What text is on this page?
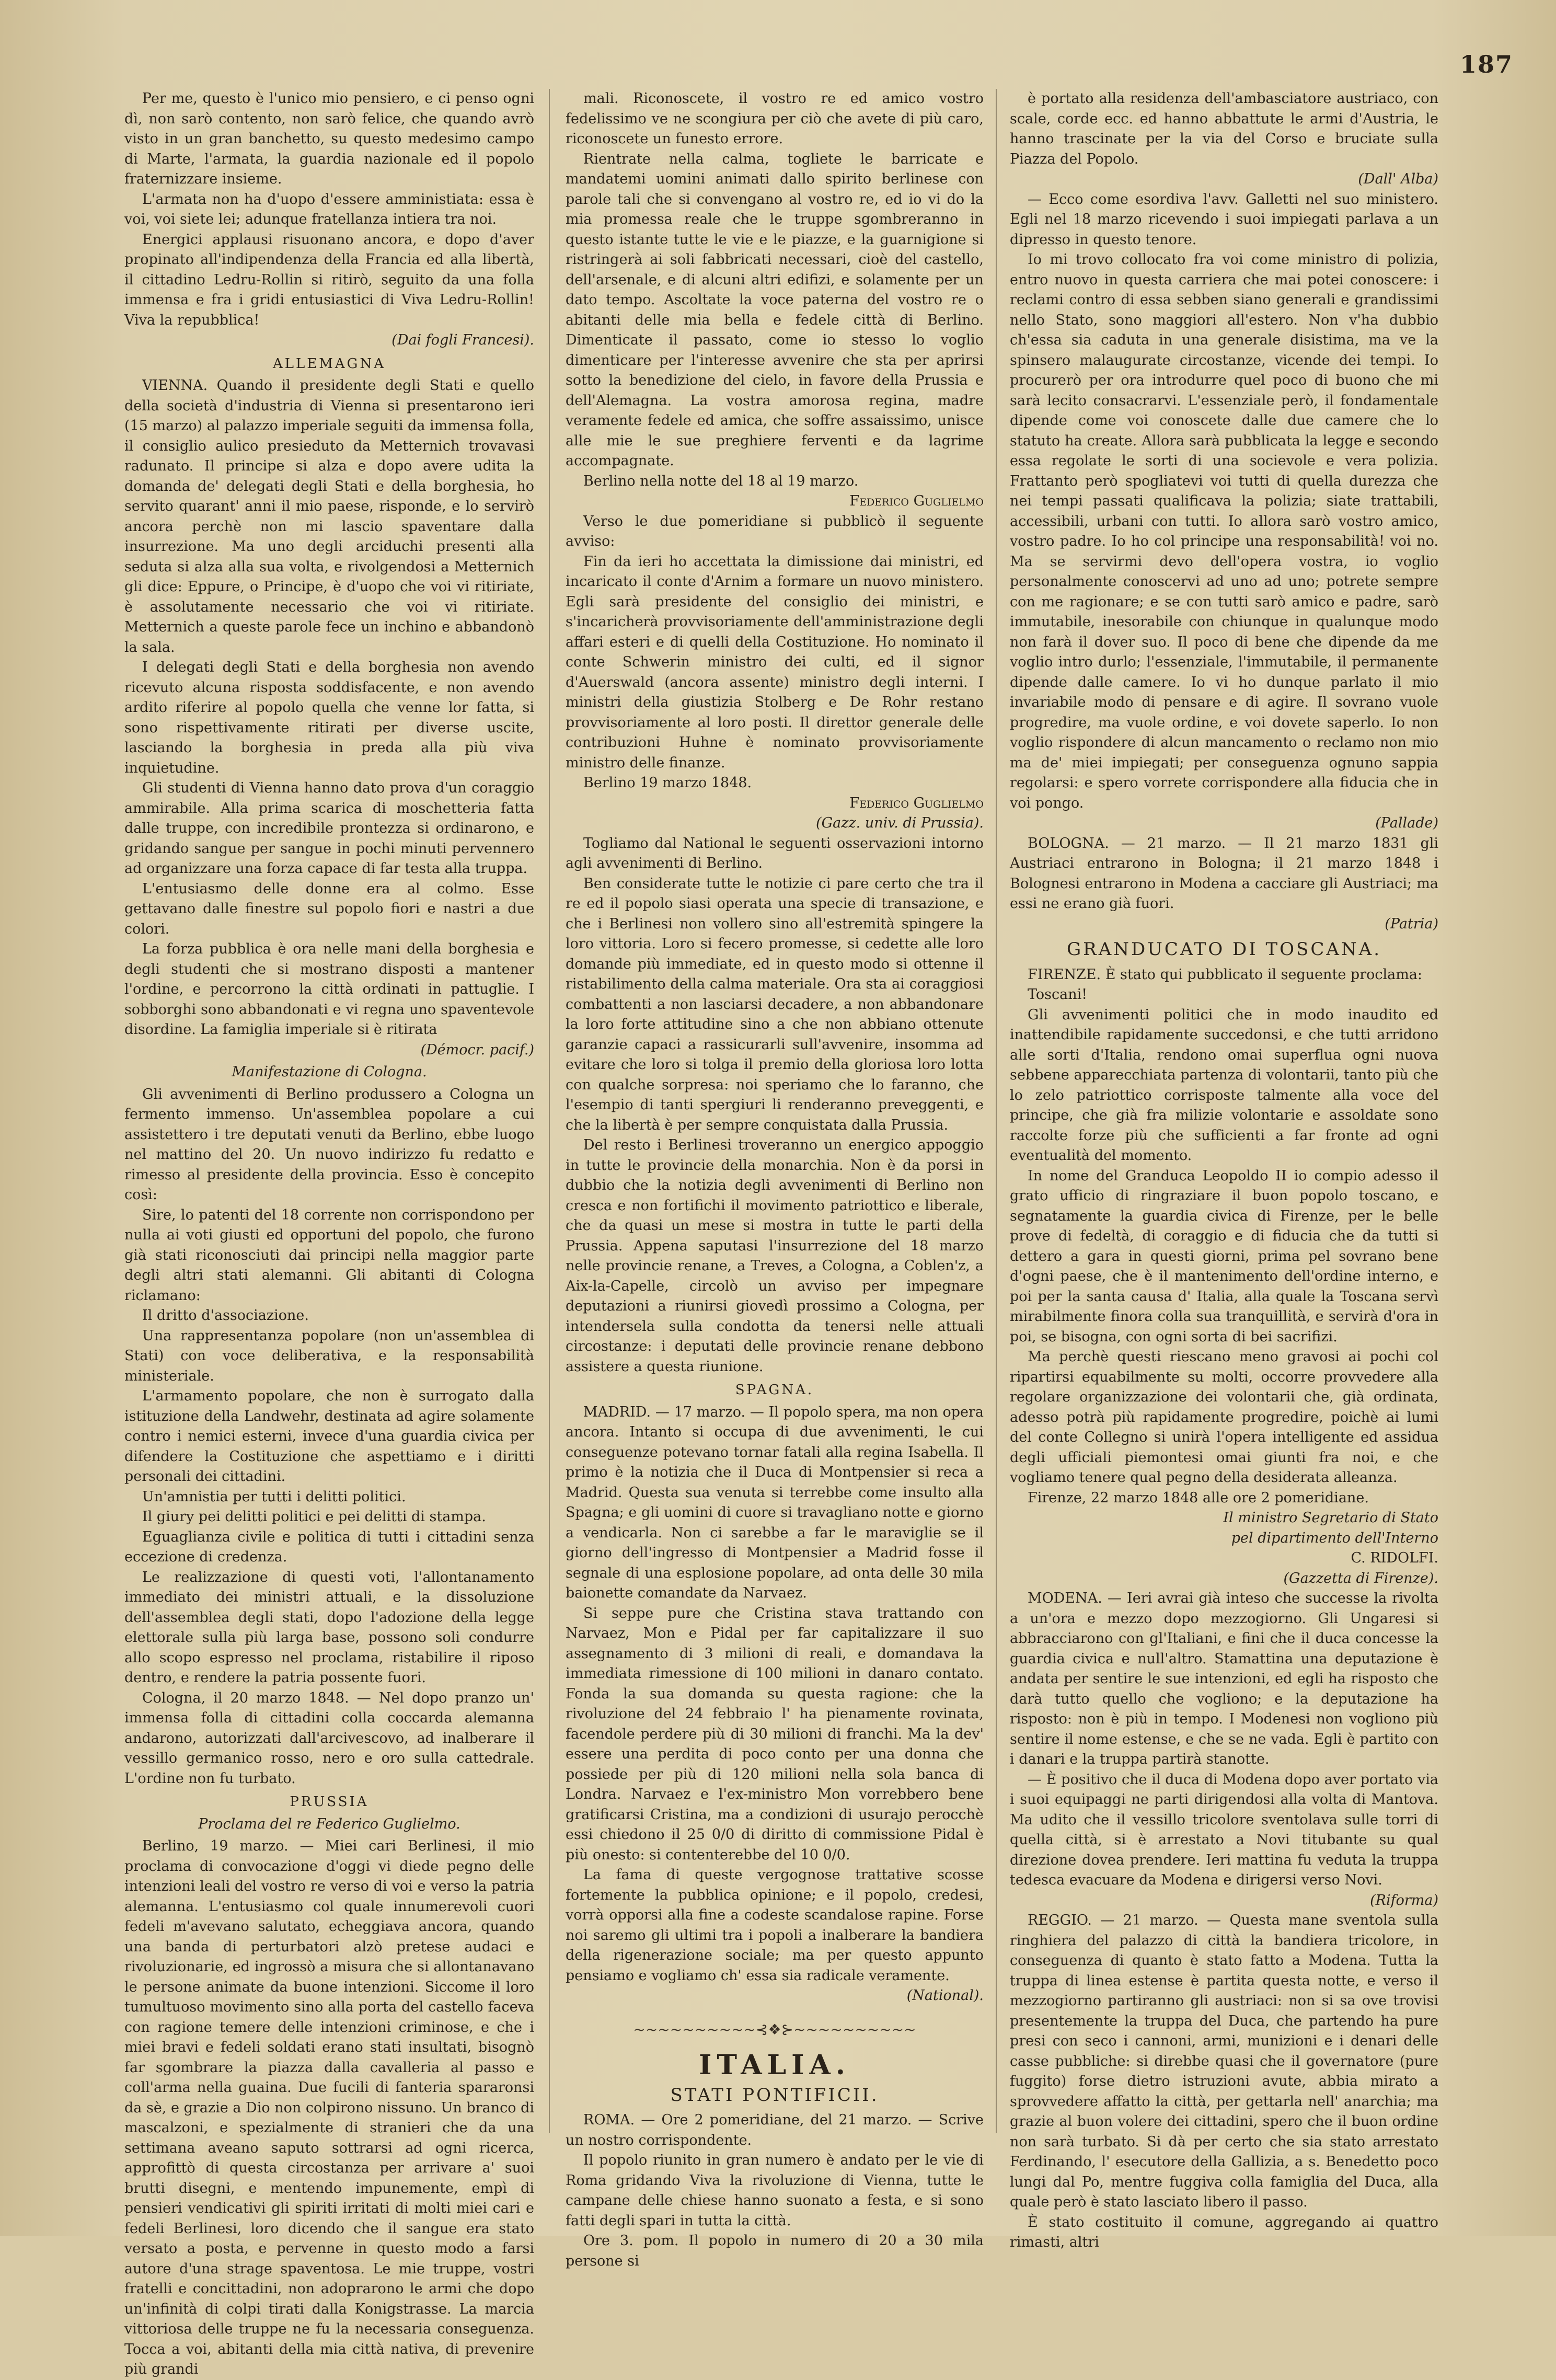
187

Per me, questo è l'unico mio pensiero, e ci penso ogni dì, non sarò contento, non sarò felice, che quando avrò visto in un gran banchetto, su questo medesimo campo di Marte, l'armata, la guardia nazionale ed il popolo fraternizzare insieme.

L'armata non ha d'uopo d'essere amministiata: essa è voi, voi siete lei; adunque fratellanza intiera tra noi.

Energici applausi risuonano ancora, e dopo d'aver propinato all'indipendenza della Francia ed alla libertà, il cittadino Ledru-Rollin si ritirò, seguito da una folla immensa e fra i gridi entusiastici di Viva Ledru-Rollin! Viva la repubblica!

(Dai fogli Francesi).

ALLEMAGNA

VIENNA. Quando il presidente degli Stati e quello della società d'industria di Vienna si presentarono ieri (15 marzo) al palazzo imperiale seguiti da immensa folla, il consiglio aulico presieduto da Metternich trovavasi radunato. Il principe si alza e dopo avere udita la domanda de' delegati degli Stati e della borghesia, ho servito quarant' anni il mio paese, risponde, e lo servirò ancora perchè non mi lascio spaventare dalla insurrezione. Ma uno degli arciduchi presenti alla seduta si alza alla sua volta, e rivolgendosi a Metternich gli dice: Eppure, o Principe, è d'uopo che voi vi ritiriate, è assolutamente necessario che voi vi ritiriate. Metternich a queste parole fece un inchino e abbandonò la sala.

I delegati degli Stati e della borghesia non avendo ricevuto alcuna risposta soddisfacente, e non avendo ardito riferire al popolo quella che venne lor fatta, si sono rispettivamente ritirati per diverse uscite, lasciando la borghesia in preda alla più viva inquietudine.

Gli studenti di Vienna hanno dato prova d'un coraggio ammirabile. Alla prima scarica di moschetteria fatta dalle truppe, con incredibile prontezza si ordinarono, e gridando sangue per sangue in pochi minuti pervennero ad organizzare una forza capace di far testa alla truppa.

L'entusiasmo delle donne era al colmo. Esse gettavano dalle finestre sul popolo fiori e nastri a due colori.

La forza pubblica è ora nelle mani della borghesia e degli studenti che si mostrano disposti a mantener l'ordine, e percorrono la città ordinati in pattuglie. I sobborghi sono abbandonati e vi regna uno spaventevole disordine. La famiglia imperiale si è ritirata

(Démocr. pacif.)

Manifestazione di Cologna.

Gli avvenimenti di Berlino produssero a Cologna un fermento immenso. Un'assemblea popolare a cui assistettero i tre deputati venuti da Berlino, ebbe luogo nel mattino del 20. Un nuovo indirizzo fu redatto e rimesso al presidente della provincia. Esso è concepito così:

Sire, lo patenti del 18 corrente non corrispondono per nulla ai voti giusti ed opportuni del popolo, che furono già stati riconosciuti dai principi nella maggior parte degli altri stati alemanni. Gli abitanti di Cologna riclamano:

Il dritto d'associazione.

Una rappresentanza popolare (non un'assemblea di Stati) con voce deliberativa, e la responsabilità ministeriale.

L'armamento popolare, che non è surrogato dalla istituzione della Landwehr, destinata ad agire solamente contro i nemici esterni, invece d'una guardia civica per difendere la Costituzione che aspettiamo e i diritti personali dei cittadini.

Un'amnistia per tutti i delitti politici.

Il giury pei delitti politici e pei delitti di stampa.

Eguaglianza civile e politica di tutti i cittadini senza eccezione di credenza.

Le realizzazione di questi voti, l'allontanamento immediato dei ministri attuali, e la dissoluzione dell'assemblea degli stati, dopo l'adozione della legge elettorale sulla più larga base, possono soli condurre allo scopo espresso nel proclama, ristabilire il riposo dentro, e rendere la patria possente fuori.

Cologna, il 20 marzo 1848. — Nel dopo pranzo un' immensa folla di cittadini colla coccarda alemanna andarono, autorizzati dall'arcivescovo, ad inalberare il vessillo germanico rosso, nero e oro sulla cattedrale. L'ordine non fu turbato.

PRUSSIA

Proclama del re Federico Guglielmo.

Berlino, 19 marzo. — Miei cari Berlinesi, il mio proclama di convocazione d'oggi vi diede pegno delle intenzioni leali del vostro re verso di voi e verso la patria alemanna. L'entusiasmo col quale innumerevoli cuori fedeli m'avevano salutato, echeggiava ancora, quando una banda di perturbatori alzò pretese audaci e rivoluzionarie, ed ingrossò a misura che si allontanavano le persone animate da buone intenzioni. Siccome il loro tumultuoso movimento sino alla porta del castello faceva con ragione temere delle intenzioni criminose, e che i miei bravi e fedeli soldati erano stati insultati, bisognò far sgombrare la piazza dalla cavalleria al passo e coll'arma nella guaina. Due fucili di fanteria spararonsi da sè, e grazie a Dio non colpirono nissuno. Un branco di mascalzoni, e spezialmente di stranieri che da una settimana aveano saputo sottrarsi ad ogni ricerca, approfittò di questa circostanza per arrivare a' suoi brutti disegni, e mentendo impunemente, empì di pensieri vendicativi gli spiriti irritati di molti miei cari e fedeli Berlinesi, loro dicendo che il sangue era stato versato a posta, e pervenne in questo modo a farsi autore d'una strage spaventosa. Le mie truppe, vostri fratelli e concittadini, non adoprarono le armi che dopo un'infinità di colpi tirati dalla Konigstrasse. La marcia vittoriosa delle truppe ne fu la necessaria conseguenza. Tocca a voi, abitanti della mia città nativa, di prevenire più grandi

mali. Riconoscete, il vostro re ed amico vostro fedelissimo ve ne scongiura per ciò che avete di più caro, riconoscete un funesto errore.

Rientrate nella calma, togliete le barricate e mandatemi uomini animati dallo spirito berlinese con parole tali che si convengano al vostro re, ed io vi do la mia promessa reale che le truppe sgombreranno in questo istante tutte le vie e le piazze, e la guarnigione si ristringerà ai soli fabbricati necessari, cioè del castello, dell'arsenale, e di alcuni altri edifizi, e solamente per un dato tempo. Ascoltate la voce paterna del vostro re o abitanti delle mia bella e fedele città di Berlino. Dimenticate il passato, come io stesso lo voglio dimenticare per l'interesse avvenire che sta per aprirsi sotto la benedizione del cielo, in favore della Prussia e dell'Alemagna. La vostra amorosa regina, madre veramente fedele ed amica, che soffre assaissimo, unisce alle mie le sue preghiere ferventi e da lagrime accompagnate.

Berlino nella notte del 18 al 19 marzo.

Federico Guglielmo

Verso le due pomeridiane si pubblicò il seguente avviso:

Fin da ieri ho accettata la dimissione dai ministri, ed incaricato il conte d'Arnim a formare un nuovo ministero. Egli sarà presidente del consiglio dei ministri, e s'incaricherà provvisoriamente dell'amministrazione degli affari esteri e di quelli della Costituzione. Ho nominato il conte Schwerin ministro dei culti, ed il signor d'Auerswald (ancora assente) ministro degli interni. I ministri della giustizia Stolberg e De Rohr restano provvisoriamente al loro posti. Il direttor generale delle contribuzioni Huhne è nominato provvisoriamente ministro delle finanze.

Berlino 19 marzo 1848.

Federico Guglielmo

(Gazz. univ. di Prussia).

Togliamo dal National le seguenti osservazioni intorno agli avvenimenti di Berlino.

Ben considerate tutte le notizie ci pare certo che tra il re ed il popolo siasi operata una specie di transazione, e che i Berlinesi non vollero sino all'estremità spingere la loro vittoria. Loro si fecero promesse, si cedette alle loro domande più immediate, ed in questo modo si ottenne il ristabilimento della calma materiale. Ora sta ai coraggiosi combattenti a non lasciarsi decadere, a non abbandonare la loro forte attitudine sino a che non abbiano ottenute garanzie capaci a rassicurarli sull'avvenire, insomma ad evitare che loro si tolga il premio della gloriosa loro lotta con qualche sorpresa: noi speriamo che lo faranno, che l'esempio di tanti spergiuri li renderanno preveggenti, e che la libertà è per sempre conquistata dalla Prussia.

Del resto i Berlinesi troveranno un energico appoggio in tutte le provincie della monarchia. Non è da porsi in dubbio che la notizia degli avvenimenti di Berlino non cresca e non fortifichi il movimento patriottico e liberale, che da quasi un mese si mostra in tutte le parti della Prussia. Appena saputasi l'insurrezione del 18 marzo nelle provincie renane, a Treves, a Cologna, a Coblen'z, a Aix-la-Capelle, circolò un avviso per impegnare deputazioni a riunirsi giovedì prossimo a Cologna, per intendersela sulla condotta da tenersi nelle attuali circostanze: i deputati delle provincie renane debbono assistere a questa riunione.

SPAGNA.

MADRID. — 17 marzo. — Il popolo spera, ma non opera ancora. Intanto si occupa di due avvenimenti, le cui conseguenze potevano tornar fatali alla regina Isabella. Il primo è la notizia che il Duca di Montpensier si reca a Madrid. Questa sua venuta si terrebbe come insulto alla Spagna; e gli uomini di cuore si travagliano notte e giorno a vendicarla. Non ci sarebbe a far le maraviglie se il giorno dell'ingresso di Montpensier a Madrid fosse il segnale di una esplosione popolare, ad onta delle 30 mila baionette comandate da Narvaez.

Si seppe pure che Cristina stava trattando con Narvaez, Mon e Pidal per far capitalizzare il suo assegnamento di 3 milioni di reali, e domandava la immediata rimessione di 100 milioni in danaro contato. Fonda la sua domanda su questa ragione: che la rivoluzione del 24 febbraio l' ha pienamente rovinata, facendole perdere più di 30 milioni di franchi. Ma la dev' essere una perdita di poco conto per una donna che possiede per più di 120 milioni nella sola banca di Londra. Narvaez e l'ex-ministro Mon vorrebbero bene gratificarsi Cristina, ma a condizioni di usurajo perocchè essi chiedono il 25 0/0 di diritto di commissione Pidal è più onesto: si contenterebbe del 10 0/0.

La fama di queste vergognose trattative scosse fortemente la pubblica opinione; e il popolo, credesi, vorrà opporsi alla fine a codeste scandalose rapine. Forse noi saremo gli ultimi tra i popoli a inalberare la bandiera della rigenerazione sociale; ma per questo appunto pensiamo e vogliamo ch' essa sia radicale veramente.

(National).

~~~~~~~~~~⊰❖⊱~~~~~~~~~~

ITALIA.

STATI PONTIFICII.

ROMA. — Ore 2 pomeridiane, del 21 marzo. — Scrive un nostro corrispondente.

Il popolo riunito in gran numero è andato per le vie di Roma gridando Viva la rivoluzione di Vienna, tutte le campane delle chiese hanno suonato a festa, e si sono fatti degli spari in tutta la città.

Ore 3. pom. Il popolo in numero di 20 a 30 mila persone si

è portato alla residenza dell'ambasciatore austriaco, con scale, corde ecc. ed hanno abbattute le armi d'Austria, le hanno trascinate per la via del Corso e bruciate sulla Piazza del Popolo.

(Dall' Alba)

— Ecco come esordiva l'avv. Galletti nel suo ministero. Egli nel 18 marzo ricevendo i suoi impiegati parlava a un dipresso in questo tenore.

Io mi trovo collocato fra voi come ministro di polizia, entro nuovo in questa carriera che mai potei conoscere: i reclami contro di essa sebben siano generali e grandissimi nello Stato, sono maggiori all'estero. Non v'ha dubbio ch'essa sia caduta in una generale disistima, ma ve la spinsero malaugurate circostanze, vicende dei tempi. Io procurerò per ora introdurre quel poco di buono che mi sarà lecito consacrarvi. L'essenziale però, il fondamentale dipende come voi conoscete dalle due camere che lo statuto ha create. Allora sarà pubblicata la legge e secondo essa regolate le sorti di una socievole e vera polizia. Frattanto però spogliatevi voi tutti di quella durezza che nei tempi passati qualificava la polizia; siate trattabili, accessibili, urbani con tutti. Io allora sarò vostro amico, vostro padre. Io ho col principe una responsabilità! voi no. Ma se servirmi devo dell'opera vostra, io voglio personalmente conoscervi ad uno ad uno; potrete sempre con me ragionare; e se con tutti sarò amico e padre, sarò immutabile, inesorabile con chiunque in qualunque modo non farà il dover suo. Il poco di bene che dipende da me voglio intro durlo; l'essenziale, l'immutabile, il permanente dipende dalle camere. Io vi ho dunque parlato il mio invariabile modo di pensare e di agire. Il sovrano vuole progredire, ma vuole ordine, e voi dovete saperlo. Io non voglio rispondere di alcun mancamento o reclamo non mio ma de' miei impiegati; per conseguenza ognuno sappia regolarsi: e spero vorrete corrispondere alla fiducia che in voi pongo.

(Pallade)

BOLOGNA. — 21 marzo. — Il 21 marzo 1831 gli Austriaci entrarono in Bologna; il 21 marzo 1848 i Bolognesi entrarono in Modena a cacciare gli Austriaci; ma essi ne erano già fuori.

(Patria)

GRANDUCATO DI TOSCANA.

FIRENZE. È stato qui pubblicato il seguente proclama:

Toscani!

Gli avvenimenti politici che in modo inaudito ed inattendibile rapidamente succedonsi, e che tutti arridono alle sorti d'Italia, rendono omai superflua ogni nuova sebbene apparecchiata partenza di volontarii, tanto più che lo zelo patriottico corrisposte talmente alla voce del principe, che già fra milizie volontarie e assoldate sono raccolte forze più che sufficienti a far fronte ad ogni eventualità del momento.

In nome del Granduca Leopoldo II io compio adesso il grato ufficio di ringraziare il buon popolo toscano, e segnatamente la guardia civica di Firenze, per le belle prove di fedeltà, di coraggio e di fiducia che da tutti si dettero a gara in questi giorni, prima pel sovrano bene d'ogni paese, che è il mantenimento dell'ordine interno, e poi per la santa causa d' Italia, alla quale la Toscana servì mirabilmente finora colla sua tranquillità, e servirà d'ora in poi, se bisogna, con ogni sorta di bei sacrifizi.

Ma perchè questi riescano meno gravosi ai pochi col ripartirsi equabilmente su molti, occorre provvedere alla regolare organizzazione dei volontarii che, già ordinata, adesso potrà più rapidamente progredire, poichè ai lumi del conte Collegno si unirà l'opera intelligente ed assidua degli ufficiali piemontesi omai giunti fra noi, e che vogliamo tenere qual pegno della desiderata alleanza.

Firenze, 22 marzo 1848 alle ore 2 pomeridiane.

Il ministro Segretario di Stato

pel dipartimento dell'Interno

C. RIDOLFI.

(Gazzetta di Firenze).

MODENA. — Ieri avrai già inteso che successe la rivolta a un'ora e mezzo dopo mezzogiorno. Gli Ungaresi si abbracciarono con gl'Italiani, e fini che il duca concesse la guardia civica e null'altro. Stamattina una deputazione è andata per sentire le sue intenzioni, ed egli ha risposto che darà tutto quello che vogliono; e la deputazione ha risposto: non è più in tempo. I Modenesi non vogliono più sentire il nome estense, e che se ne vada. Egli è partito con i danari e la truppa partirà stanotte.

— È positivo che il duca di Modena dopo aver portato via i suoi equipaggi ne parti dirigendosi alla volta di Mantova. Ma udito che il vessillo tricolore sventolava sulle torri di quella città, si è arrestato a Novi titubante su qual direzione dovea prendere. Ieri mattina fu veduta la truppa tedesca evacuare da Modena e dirigersi verso Novi.

(Riforma)

REGGIO. — 21 marzo. — Questa mane sventola sulla ringhiera del palazzo di città la bandiera tricolore, in conseguenza di quanto è stato fatto a Modena. Tutta la truppa di linea estense è partita questa notte, e verso il mezzogiorno partiranno gli austriaci: non si sa ove trovisi presentemente la truppa del Duca, che partendo ha pure presi con seco i cannoni, armi, munizioni e i denari delle casse pubbliche: si direbbe quasi che il governatore (pure fuggito) forse dietro istruzioni avute, abbia mirato a sprovvedere affatto la città, per gettarla nell' anarchia; ma grazie al buon volere dei cittadini, spero che il buon ordine non sarà turbato. Si dà per certo che sia stato arrestato Ferdinando, l' esecutore della Gallizia, a s. Benedetto poco lungi dal Po, mentre fuggiva colla famiglia del Duca, alla quale però è stato lasciato libero il passo.

È stato costituito il comune, aggregando ai quattro rimasti, altri
